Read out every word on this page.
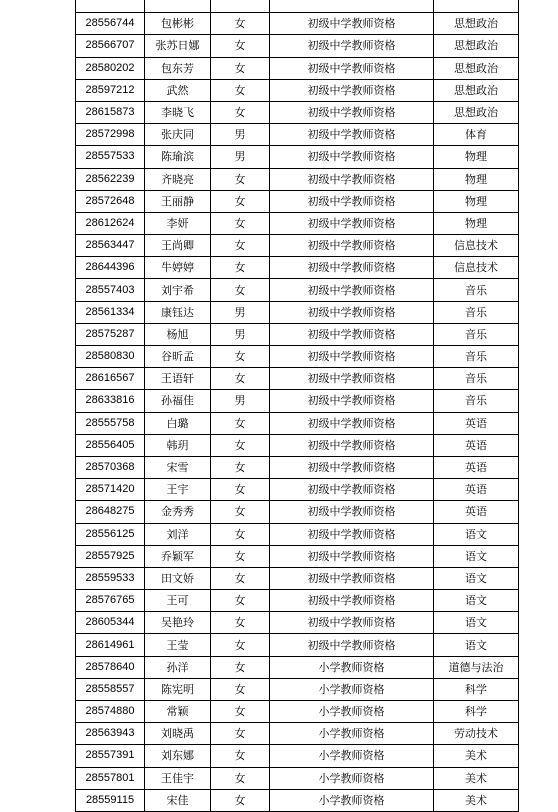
28556744	包彬彬	女	初级中学教师资格	思想政治
28566707	张苏日娜	女	初级中学教师资格	思想政治
28580202	包东芳	女	初级中学教师资格	思想政治
28597212	武然	女	初级中学教师资格	思想政治
28615873	李晓飞	女	初级中学教师资格	思想政治
28572998	张庆同	男	初级中学教师资格	体育
28557533	陈瑜滨	男	初级中学教师资格	物理
28562239	齐晓亮	女	初级中学教师资格	物理
28572648	王丽静	女	初级中学教师资格	物理
28612624	李妍	女	初级中学教师资格	物理
28563447	王尚卿	女	初级中学教师资格	信息技术
28644396	牛婷婷	女	初级中学教师资格	信息技术
28557403	刘宇希	女	初级中学教师资格	音乐
28561334	康钰达	男	初级中学教师资格	音乐
28575287	杨旭	男	初级中学教师资格	音乐
28580830	谷昕孟	女	初级中学教师资格	音乐
28616567	王语轩	女	初级中学教师资格	音乐
28633816	孙福佳	男	初级中学教师资格	音乐
28555758	白璐	女	初级中学教师资格	英语
28556405	韩玥	女	初级中学教师资格	英语
28570368	宋雪	女	初级中学教师资格	英语
28571420	王宇	女	初级中学教师资格	英语
28648275	金秀秀	女	初级中学教师资格	英语
28556125	刘洋	女	初级中学教师资格	语文
28557925	乔颖军	女	初级中学教师资格	语文
28559533	田文娇	女	初级中学教师资格	语文
28576765	王可	女	初级中学教师资格	语文
28605344	吴艳玲	女	初级中学教师资格	语文
28614961	王莹	女	初级中学教师资格	语文
28578640	孙洋	女	小学教师资格	道德与法治
28558557	陈宪明	女	小学教师资格	科学
28574880	常颖	女	小学教师资格	科学
28563943	刘晓禹	女	小学教师资格	劳动技术
28557391	刘东娜	女	小学教师资格	美术
28557801	王佳宇	女	小学教师资格	美术
28559115	宋佳	女	小学教师资格	美术
